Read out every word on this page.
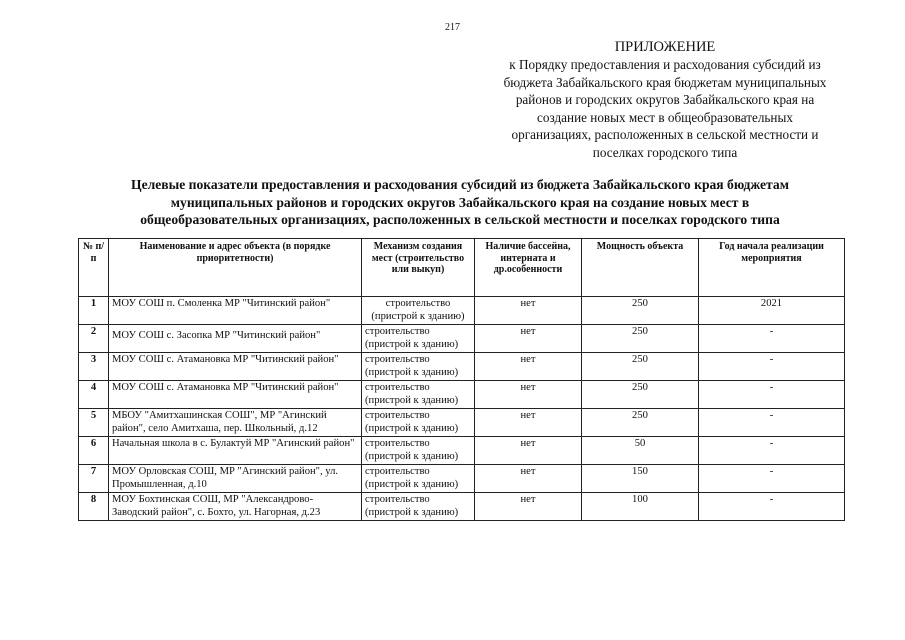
217
ПРИЛОЖЕНИЕ
к Порядку предоставления и расходования субсидий из
бюджета Забайкальского края бюджетам муниципальных
районов и городских округов Забайкальского края на
создание новых мест в общеобразовательных
организациях, расположенных в сельской местности и
поселках городского типа
Целевые показатели предоставления и расходования субсидий из бюджета Забайкальского края бюджетам
муниципальных районов и городских округов Забайкальского края на создание новых мест в
общеобразовательных организациях, расположенных в сельской местности и поселках городского типа
№ п/п	Наименование и адрес объекта (в порядке приоритетности)	Механизм создания мест (строительство или выкуп)	Наличие бассейна, интерната и др.особенности	Мощность объекта	Год начала реализации мероприятия
1	МОУ СОШ п. Смоленка МР "Читинский район"	строительство (пристрой к зданию)	нет	250	2021
2	МОУ СОШ с. Засопка МР "Читинский район"	строительство (пристрой к зданию)	нет	250	-
3	МОУ СОШ с. Атамановка МР "Читинский район"	строительство (пристрой к зданию)	нет	250	-
4	МОУ СОШ с. Атамановка МР "Читинский район"	строительство (пристрой к зданию)	нет	250	-
5	МБОУ "Амитхашинская СОШ", МР "Агинский район", село Амитхаша, пер. Школьный, д.12	строительство (пристрой к зданию)	нет	250	-
6	Начальная школа в с. Булактуй МР "Агинский район"	строительство (пристрой к зданию)	нет	50	-
7	МОУ Орловская СОШ, МР "Агинский район", ул. Промышленная, д.10	строительство (пристрой к зданию)	нет	150	-
8	МОУ Бохтинская СОШ, МР "Александрово-Заводский район", с. Бохто, ул. Нагорная, д.23	строительство (пристрой к зданию)	нет	100	-
